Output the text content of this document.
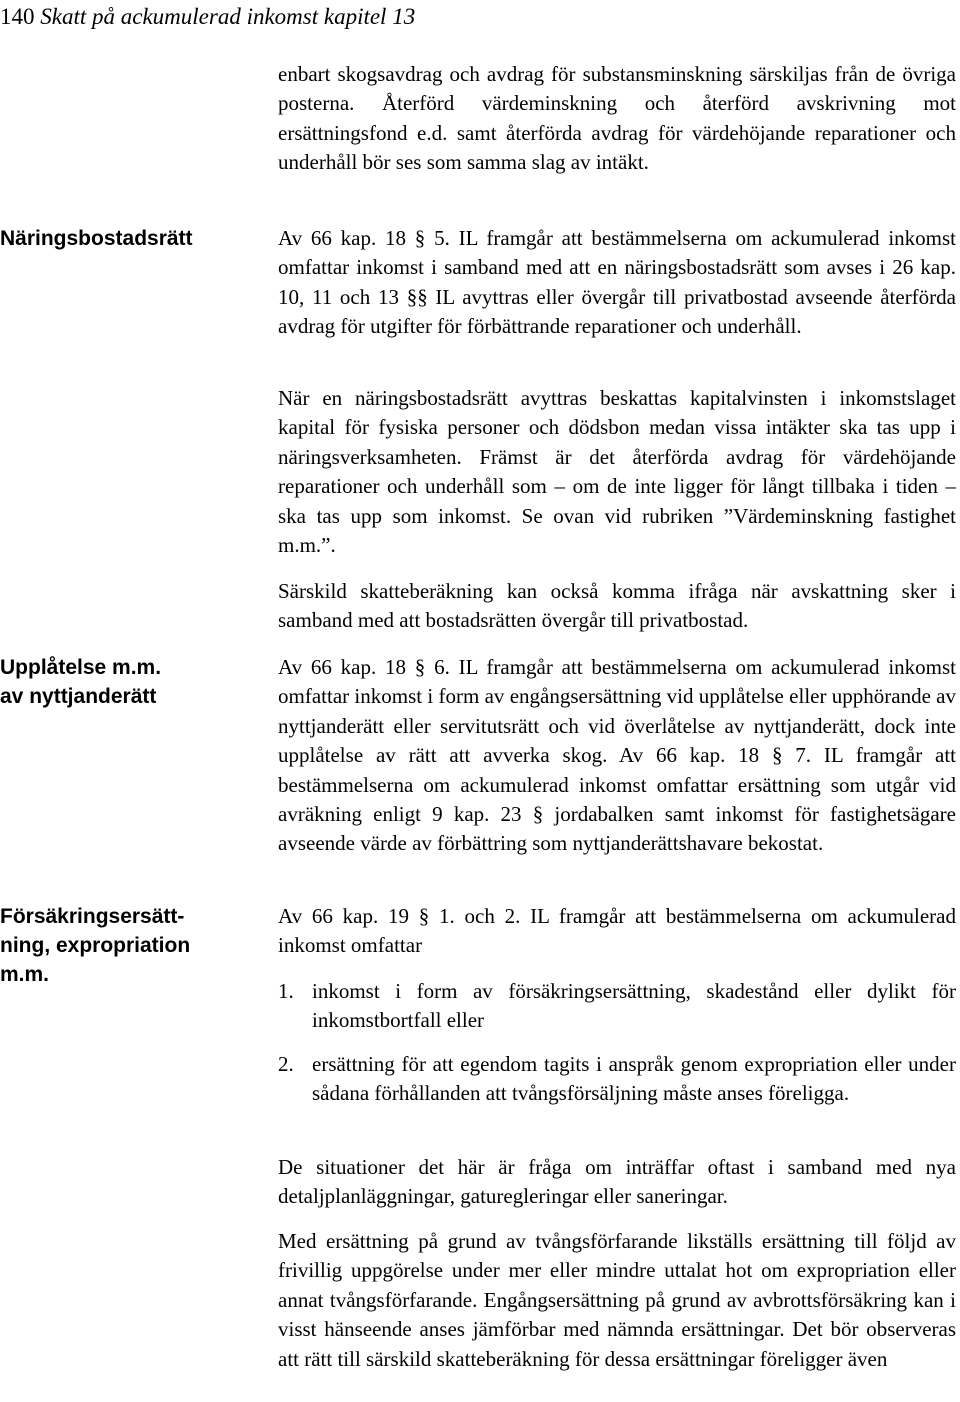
140 Skatt på ackumulerad inkomst kapitel 13
Näringsbostadsrätt
Upplåtelse m.m.
av nyttjanderätt
Försäkringsersätt-
ning, expropriation
m.m.

enbart skogsavdrag och avdrag för substansminskning särskiljas från de övriga posterna. Återförd värdeminskning och återförd avskrivning mot ersättningsfond e.d. samt återförda avdrag för värdehöjande reparationer och underhåll bör ses som samma slag av intäkt.

Av 66 kap. 18 § 5. IL framgår att bestämmelserna om ackumulerad inkomst omfattar inkomst i samband med att en näringsbostadsrätt som avses i 26 kap. 10, 11 och 13 §§ IL avyttras eller övergår till privatbostad avseende återförda avdrag för utgifter för förbättrande reparationer och underhåll.

När en näringsbostadsrätt avyttras beskattas kapitalvinsten i inkomstslaget kapital för fysiska personer och dödsbon medan vissa intäkter ska tas upp i näringsverksamheten. Främst är det återförda avdrag för värdehöjande reparationer och underhåll som – om de inte ligger för långt tillbaka i tiden – ska tas upp som inkomst. Se ovan vid rubriken ”Värdeminskning fastighet m.m.”.

Särskild skatteberäkning kan också komma ifråga när avskattning sker i samband med att bostadsrätten övergår till privatbostad.

Av 66 kap. 18 § 6. IL framgår att bestämmelserna om ackumulerad inkomst omfattar inkomst i form av engångsersättning vid upplåtelse eller upphörande av nyttjanderätt eller servitutsrätt och vid överlåtelse av nyttjanderätt, dock inte upplåtelse av rätt att avverka skog. Av 66 kap. 18 § 7. IL framgår att bestämmelserna om ackumulerad inkomst omfattar ersättning som utgår vid avräkning enligt 9 kap. 23 § jordabalken samt inkomst för fastighetsägare avseende värde av förbättring som nyttjanderättshavare bekostat.

Av 66 kap. 19 § 1. och 2. IL framgår att bestämmelserna om ackumulerad inkomst omfattar

1. inkomst i form av försäkringsersättning, skadestånd eller dylikt för inkomstbortfall eller
2. ersättning för att egendom tagits i anspråk genom expropriation eller under sådana förhållanden att tvångsförsäljning måste anses föreligga.

De situationer det här är fråga om inträffar oftast i samband med nya detaljplanläggningar, gaturegleringar eller saneringar.

Med ersättning på grund av tvångsförfarande likställs ersättning till följd av frivillig uppgörelse under mer eller mindre uttalat hot om expropriation eller annat tvångsförfarande. Engångsersättning på grund av avbrottsförsäkring kan i visst hänseende anses jämförbar med nämnda ersättningar. Det bör observeras att rätt till särskild skatteberäkning för dessa ersättningar föreligger även
